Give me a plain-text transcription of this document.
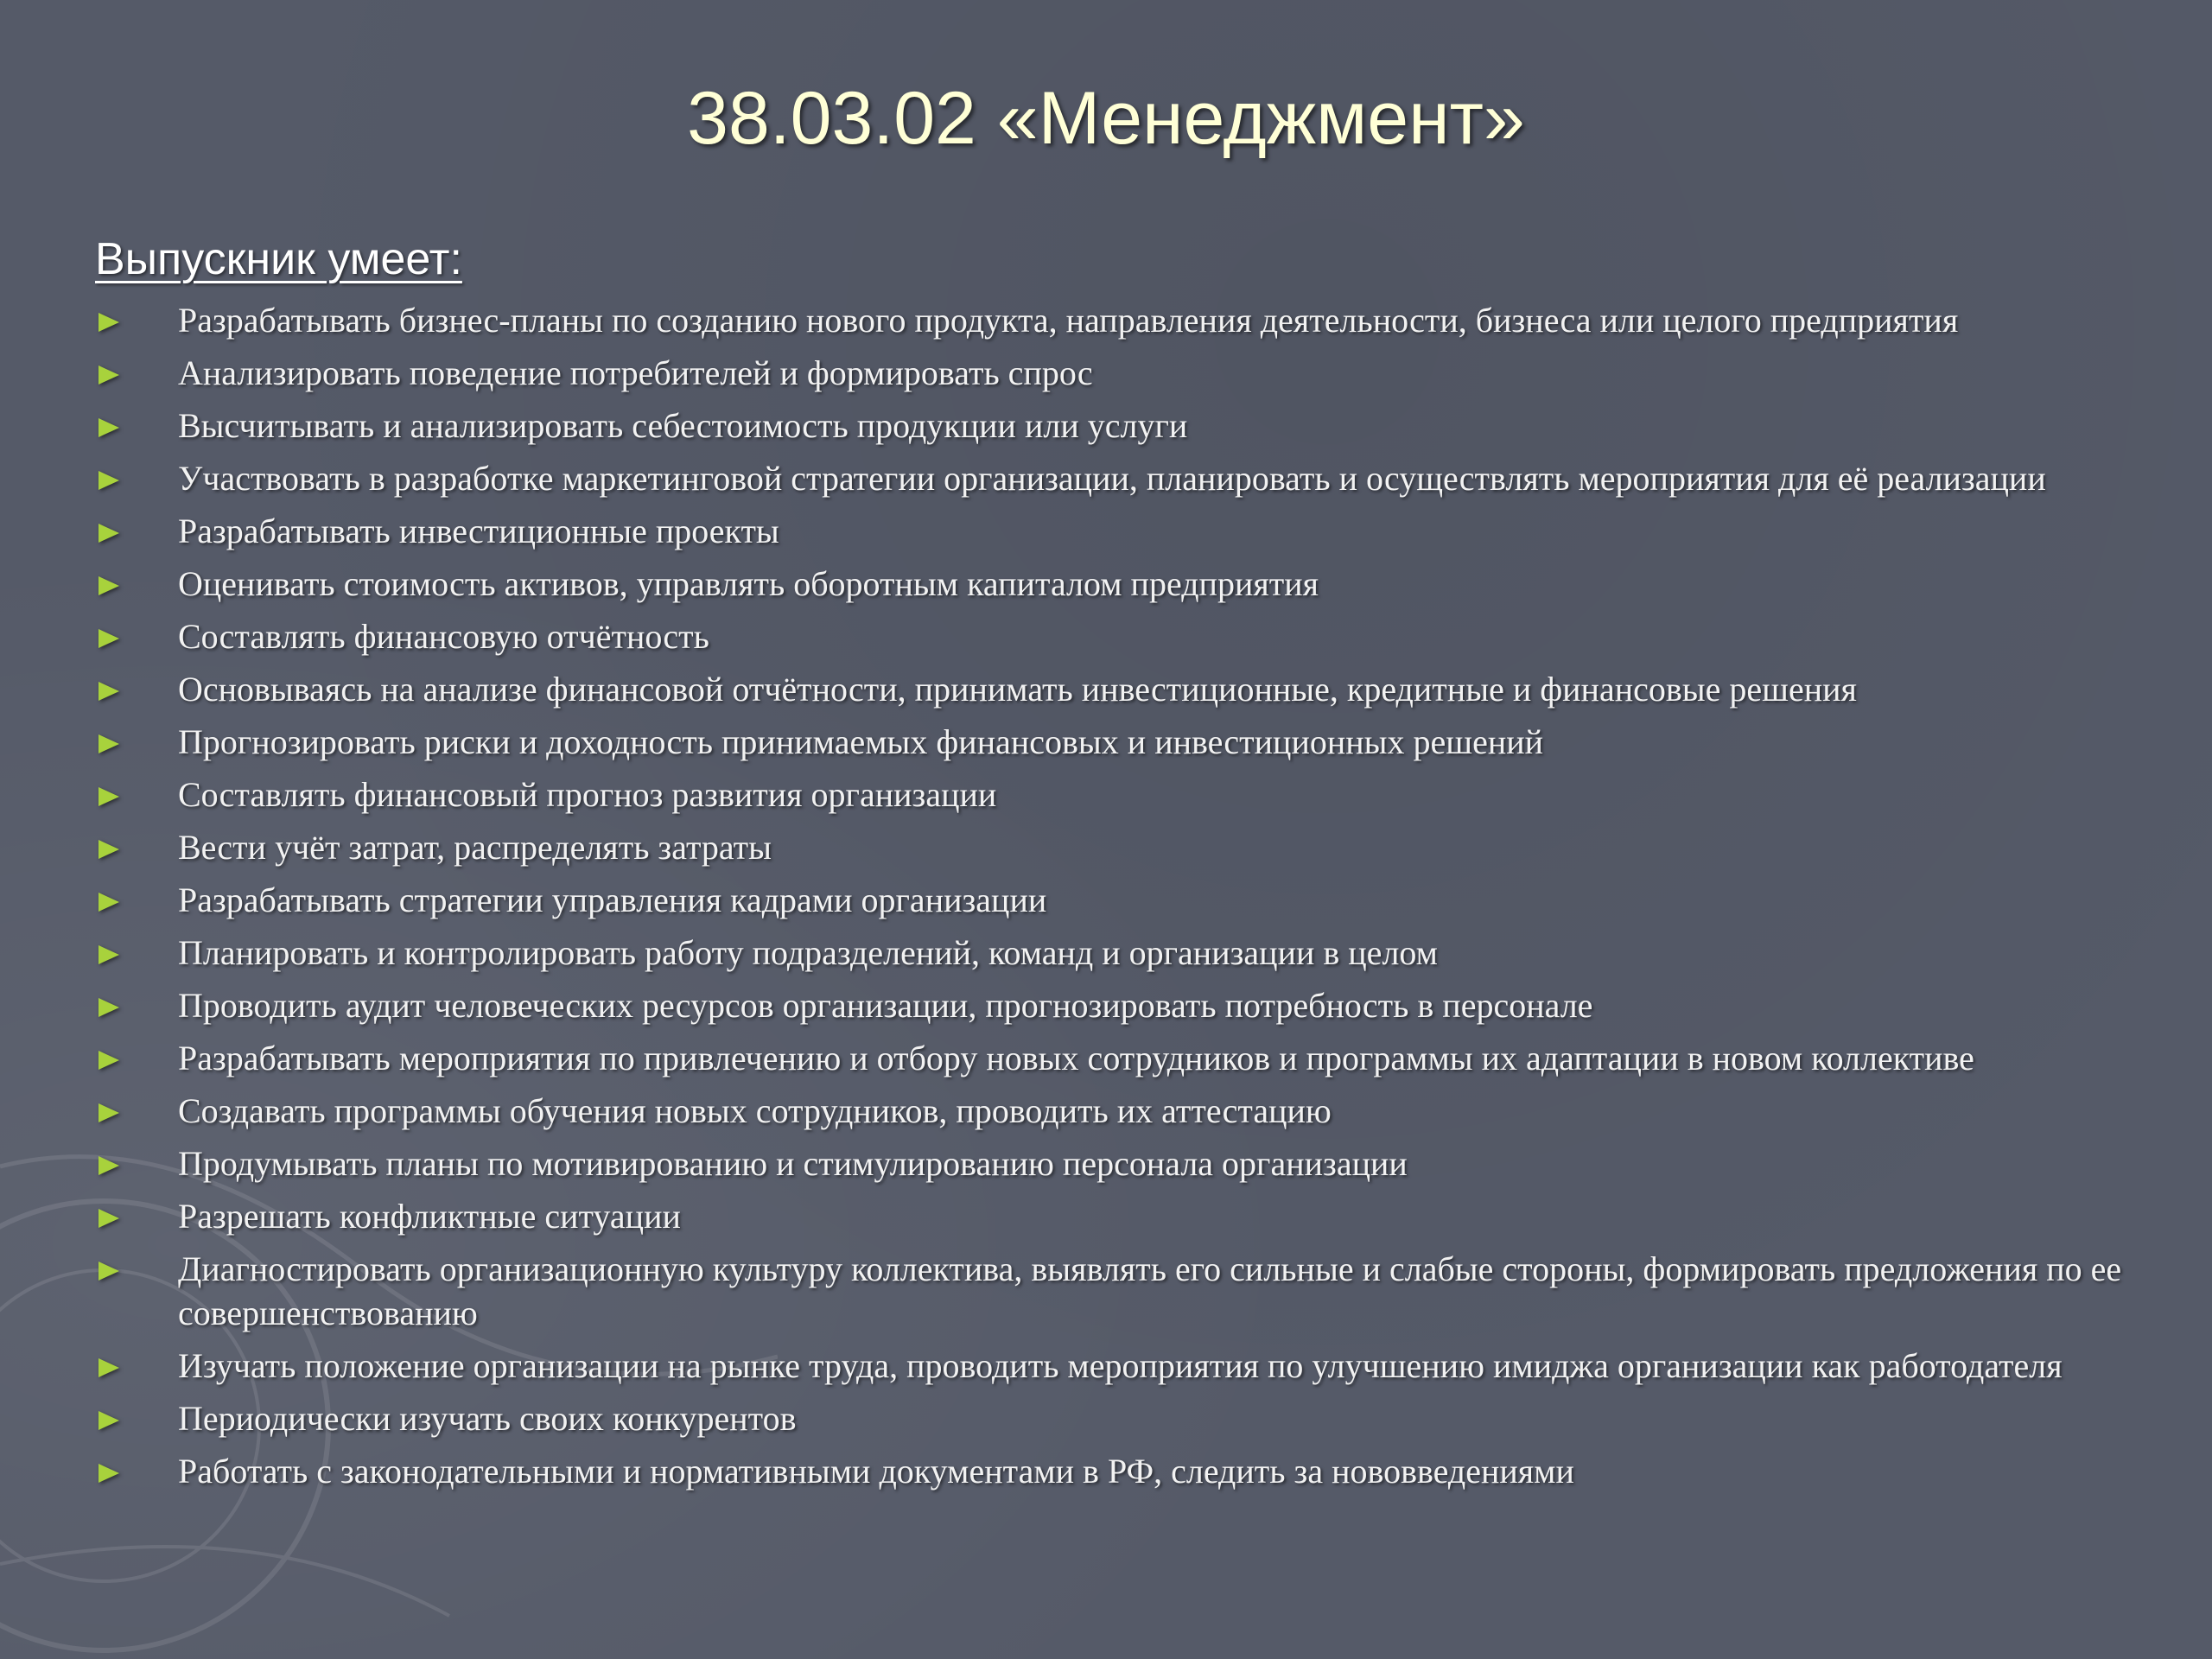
38.03.02 «Менеджмент»
Выпускник умеет:
Разрабатывать бизнес-планы по созданию нового продукта, направления деятельности, бизнеса или целого предприятия
Анализировать поведение потребителей и формировать спрос
Высчитывать и анализировать себестоимость продукции или услуги
Участвовать в разработке маркетинговой стратегии организации, планировать и осуществлять мероприятия для её реализации
Разрабатывать инвестиционные проекты
Оценивать стоимость активов, управлять оборотным капиталом предприятия
Составлять финансовую отчётность
Основываясь на анализе финансовой отчётности, принимать инвестиционные, кредитные и финансовые решения
Прогнозировать риски и доходность принимаемых финансовых и инвестиционных решений
Составлять финансовый прогноз развития организации
Вести учёт затрат, распределять затраты
Разрабатывать стратегии управления кадрами организации
Планировать и контролировать работу подразделений, команд и организации в целом
Проводить аудит человеческих ресурсов организации, прогнозировать потребность в персонале
Разрабатывать мероприятия по привлечению и отбору новых сотрудников и программы их адаптации в новом коллективе
Создавать программы обучения новых сотрудников, проводить их аттестацию
Продумывать планы по мотивированию и стимулированию персонала организации
Разрешать конфликтные ситуации
Диагностировать организационную культуру коллектива, выявлять его сильные и слабые стороны, формировать предложения по ее совершенствованию
Изучать положение организации на рынке труда, проводить мероприятия по улучшению имиджа организации как работодателя
Периодически изучать своих конкурентов
Работать с законодательными и нормативными документами в РФ, следить за нововведениями
